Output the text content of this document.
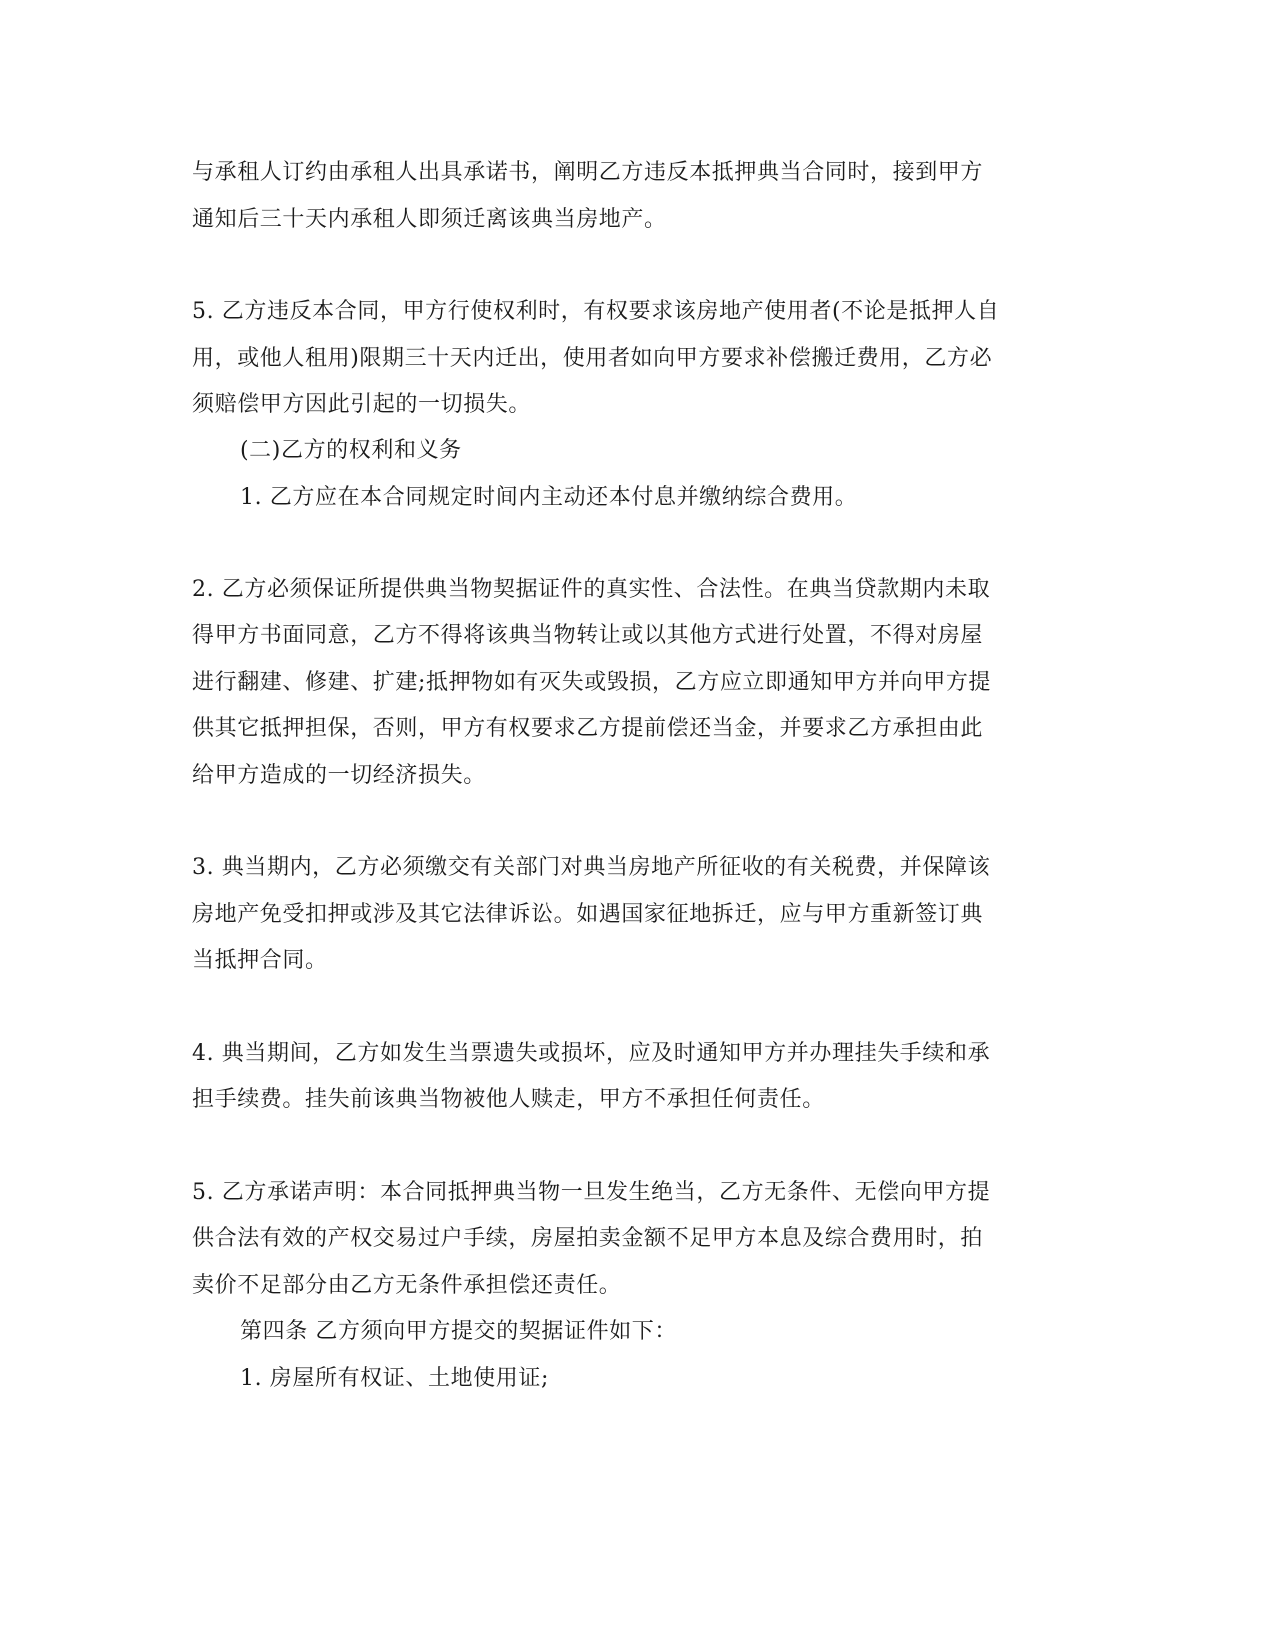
与承租人订约由承租人出具承诺书，阐明乙方违反本抵押典当合同时，接到甲方

通知后三十天内承租人即须迁离该典当房地产。

5. 乙方违反本合同，甲方行使权利时，有权要求该房地产使用者(不论是抵押人自

用，或他人租用)限期三十天内迁出，使用者如向甲方要求补偿搬迁费用，乙方必

须赔偿甲方因此引起的一切损失。

(二)乙方的权利和义务

1. 乙方应在本合同规定时间内主动还本付息并缴纳综合费用。

2. 乙方必须保证所提供典当物契据证件的真实性、合法性。在典当贷款期内未取

得甲方书面同意，乙方不得将该典当物转让或以其他方式进行处置，不得对房屋

进行翻建、修建、扩建;抵押物如有灭失或毁损，乙方应立即通知甲方并向甲方提

供其它抵押担保，否则，甲方有权要求乙方提前偿还当金，并要求乙方承担由此

给甲方造成的一切经济损失。

3. 典当期内，乙方必须缴交有关部门对典当房地产所征收的有关税费，并保障该

房地产免受扣押或涉及其它法律诉讼。如遇国家征地拆迁，应与甲方重新签订典

当抵押合同。

4. 典当期间，乙方如发生当票遗失或损坏，应及时通知甲方并办理挂失手续和承

担手续费。挂失前该典当物被他人赎走，甲方不承担任何责任。

5. 乙方承诺声明：本合同抵押典当物一旦发生绝当，乙方无条件、无偿向甲方提

供合法有效的产权交易过户手续，房屋拍卖金额不足甲方本息及综合费用时，拍

卖价不足部分由乙方无条件承担偿还责任。

第四条 乙方须向甲方提交的契据证件如下：

1. 房屋所有权证、土地使用证;
